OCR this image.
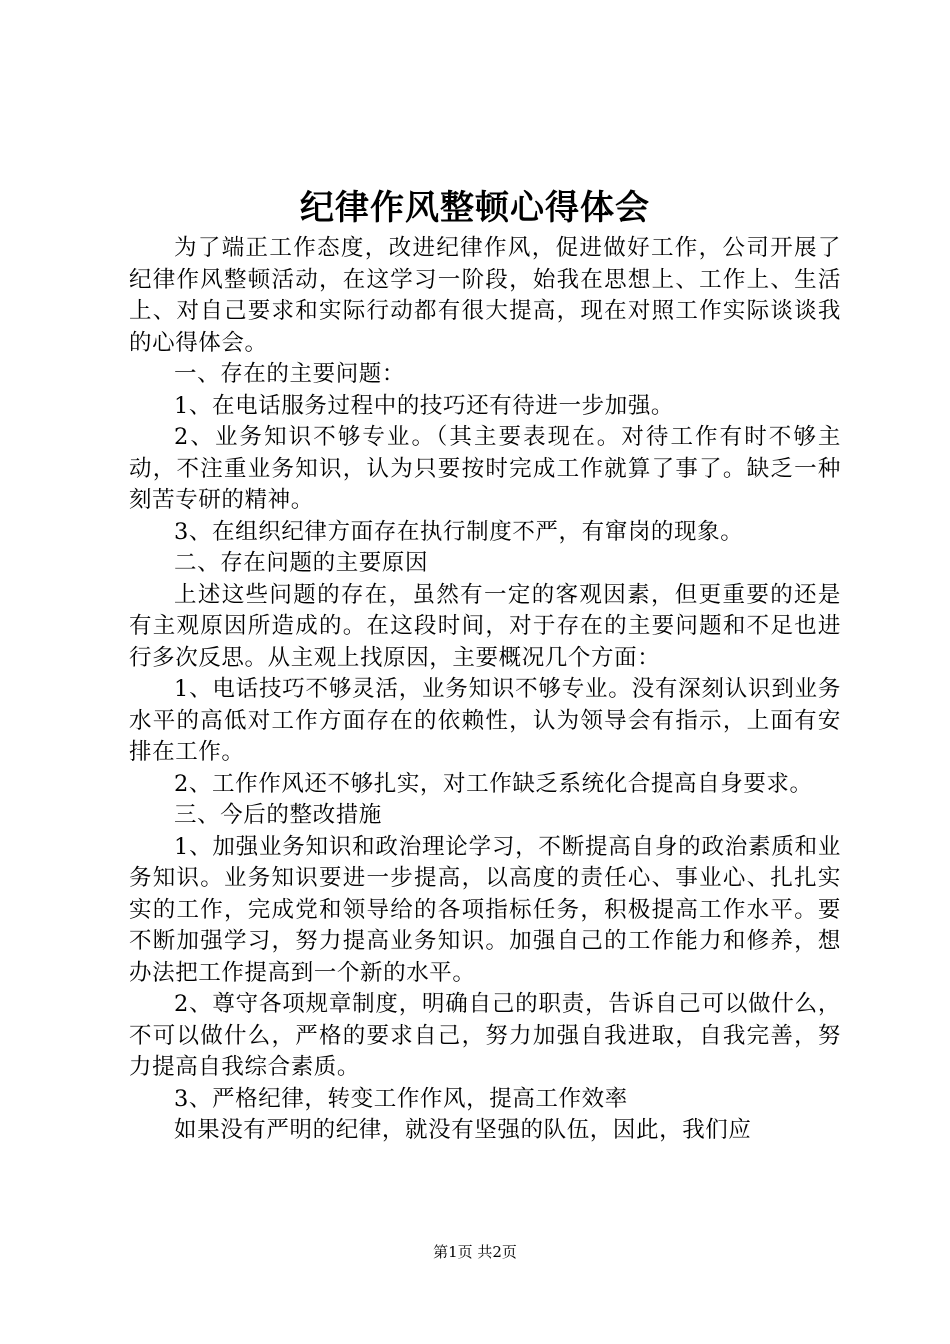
纪律作风整顿心得体会

为了端正工作态度，改进纪律作风，促进做好工作，公司开展了纪律作风整顿活动，在这学习一阶段，始我在思想上、工作上、生活上、对自己要求和实际行动都有很大提高，现在对照工作实际谈谈我的心得体会。

一、存在的主要问题：

1、在电话服务过程中的技巧还有待进一步加强。

2、业务知识不够专业。（其主要表现在。对待工作有时不够主动，不注重业务知识，认为只要按时完成工作就算了事了。缺乏一种刻苦专研的精神。

3、在组织纪律方面存在执行制度不严，有窜岗的现象。

二、存在问题的主要原因

上述这些问题的存在，虽然有一定的客观因素，但更重要的还是有主观原因所造成的。在这段时间，对于存在的主要问题和不足也进行多次反思。从主观上找原因，主要概况几个方面：

1、电话技巧不够灵活，业务知识不够专业。没有深刻认识到业务水平的高低对工作方面存在的依赖性，认为领导会有指示，上面有安排在工作。

2、工作作风还不够扎实，对工作缺乏系统化合提高自身要求。

三、今后的整改措施

1、加强业务知识和政治理论学习，不断提高自身的政治素质和业务知识。业务知识要进一步提高，以高度的责任心、事业心、扎扎实实的工作，完成党和领导给的各项指标任务，积极提高工作水平。要不断加强学习，努力提高业务知识。加强自己的工作能力和修养，想办法把工作提高到一个新的水平。

2、尊守各项规章制度，明确自己的职责，告诉自己可以做什么，不可以做什么，严格的要求自己，努力加强自我进取，自我完善，努力提高自我综合素质。

3、严格纪律，转变工作作风，提高工作效率

如果没有严明的纪律，就没有坚强的队伍，因此，我们应

第1页 共2页
